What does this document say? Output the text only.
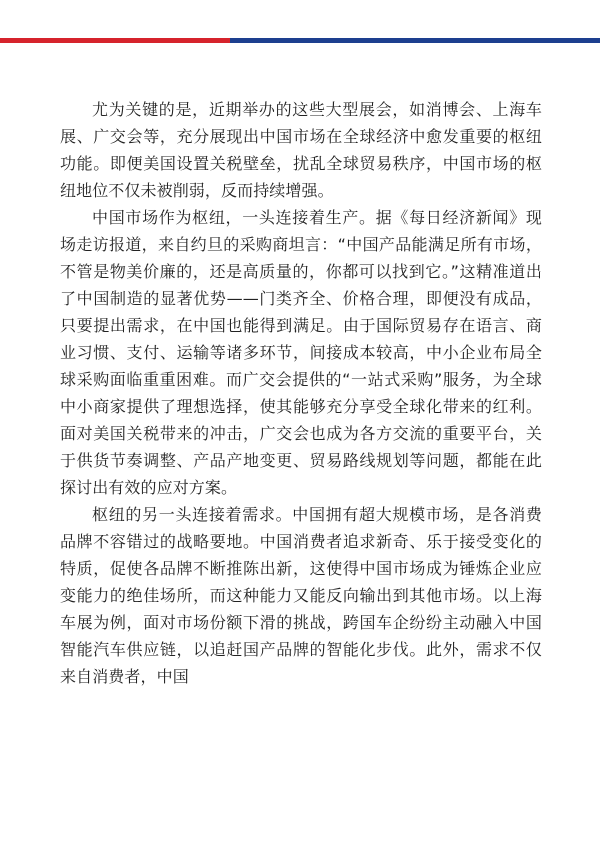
尤为关键的是，近期举办的这些大型展会，如消博会、上海车展、广交会等，充分展现出中国市场在全球经济中愈发重要的枢纽功能。即便美国设置关税壁垒，扰乱全球贸易秩序，中国市场的枢纽地位不仅未被削弱，反而持续增强。

中国市场作为枢纽，一头连接着生产。据《每日经济新闻》现场走访报道，来自约旦的采购商坦言：“中国产品能满足所有市场，不管是物美价廉的，还是高质量的，你都可以找到它。”这精准道出了中国制造的显著优势——门类齐全、价格合理，即便没有成品，只要提出需求，在中国也能得到满足。由于国际贸易存在语言、商业习惯、支付、运输等诸多环节，间接成本较高，中小企业布局全球采购面临重重困难。而广交会提供的“一站式采购”服务，为全球中小商家提供了理想选择，使其能够充分享受全球化带来的红利。面对美国关税带来的冲击，广交会也成为各方交流的重要平台，关于供货节奏调整、产品产地变更、贸易路线规划等问题，都能在此探讨出有效的应对方案。

枢纽的另一头连接着需求。中国拥有超大规模市场，是各消费品牌不容错过的战略要地。中国消费者追求新奇、乐于接受变化的特质，促使各品牌不断推陈出新，这使得中国市场成为锤炼企业应变能力的绝佳场所，而这种能力又能反向输出到其他市场。以上海车展为例，面对市场份额下滑的挑战，跨国车企纷纷主动融入中国智能汽车供应链，以追赶国产品牌的智能化步伐。此外，需求不仅来自消费者，中国
